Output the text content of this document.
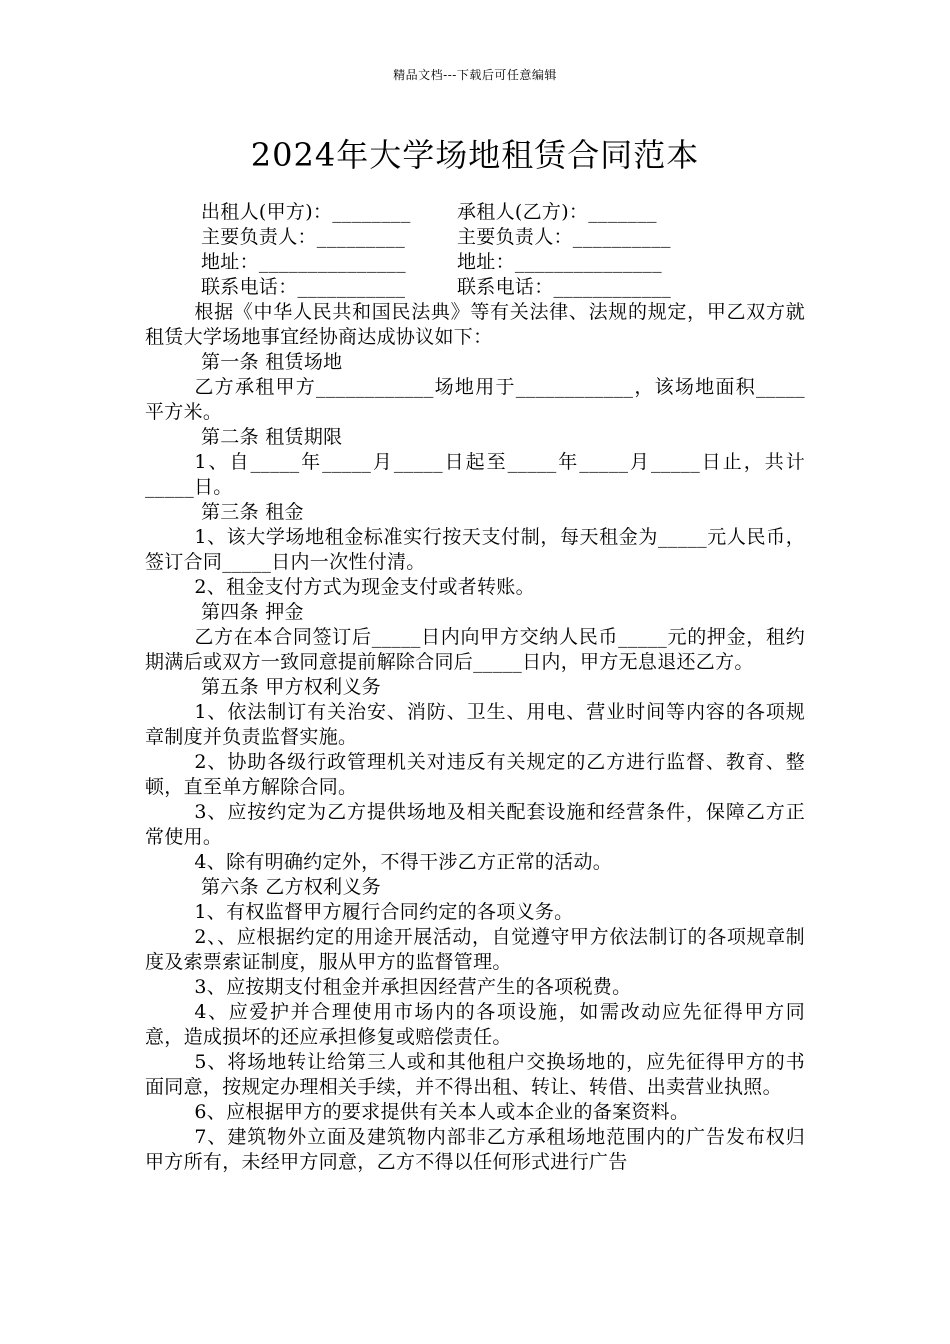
精品文档---下载后可任意编辑
2024年大学场地租赁合同范本
出租人(甲方)：________	承租人(乙方)：_______
主要负责人：_________	主要负责人：__________
地址：_______________	地址：_______________
联系电话：___________	联系电话：____________

根据《中华人民共和国民法典》等有关法律、法规的规定，甲乙双方就租赁大学场地事宜经协商达成协议如下：

第一条 租赁场地

乙方承租甲方____________场地用于____________，该场地面积_____平方米。

第二条 租赁期限

1、自_____年_____月_____日起至_____年_____月_____日止，共计_____日。

第三条 租金

1、该大学场地租金标准实行按天支付制，每天租金为_____元人民币，签订合同_____日内一次性付清。

2、租金支付方式为现金支付或者转账。

第四条 押金

乙方在本合同签订后_____日内向甲方交纳人民币_____元的押金，租约期满后或双方一致同意提前解除合同后_____日内，甲方无息退还乙方。

第五条 甲方权利义务

1、依法制订有关治安、消防、卫生、用电、营业时间等内容的各项规章制度并负责监督实施。

2、协助各级行政管理机关对违反有关规定的乙方进行监督、教育、整顿，直至单方解除合同。

3、应按约定为乙方提供场地及相关配套设施和经营条件，保障乙方正常使用。

4、除有明确约定外，不得干涉乙方正常的活动。

第六条 乙方权利义务

1、有权监督甲方履行合同约定的各项义务。

2、、应根据约定的用途开展活动，自觉遵守甲方依法制订的各项规章制度及索票索证制度，服从甲方的监督管理。

3、应按期支付租金并承担因经营产生的各项税费。

4、应爱护并合理使用市场内的各项设施，如需改动应先征得甲方同意，造成损坏的还应承担修复或赔偿责任。

5、将场地转让给第三人或和其他租户交换场地的，应先征得甲方的书面同意，按规定办理相关手续，并不得出租、转让、转借、出卖营业执照。

6、应根据甲方的要求提供有关本人或本企业的备案资料。

7、建筑物外立面及建筑物内部非乙方承租场地范围内的广告发布权归甲方所有，未经甲方同意，乙方不得以任何形式进行广告
